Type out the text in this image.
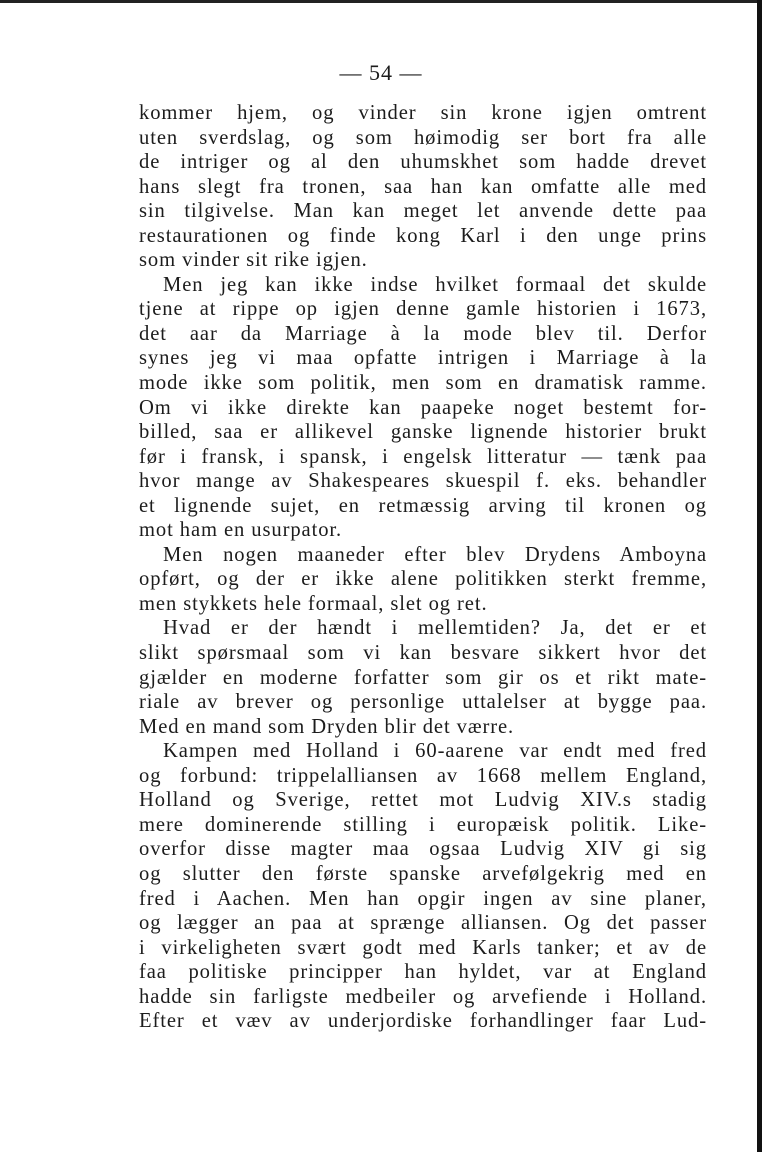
— 54 —
kommer hjem, og vinder sin krone igjen omtrent
uten sverdslag, og som høimodig ser bort fra alle
de intriger og al den uhumskhet som hadde drevet
hans slegt fra tronen, saa han kan omfatte alle med
sin tilgivelse. Man kan meget let anvende dette paa
restaurationen og finde kong Karl i den unge prins
som vinder sit rike igjen.
Men jeg kan ikke indse hvilket formaal det skulde
tjene at rippe op igjen denne gamle historien i 1673,
det aar da Marriage à la mode blev til. Derfor
synes jeg vi maa opfatte intrigen i Marriage à la
mode ikke som politik, men som en dramatisk ramme.
Om vi ikke direkte kan paapeke noget bestemt for-
billed, saa er allikevel ganske lignende historier brukt
før i fransk, i spansk, i engelsk litteratur — tænk paa
hvor mange av Shakespeares skuespil f. eks. behandler
et lignende sujet, en retmæssig arving til kronen og
mot ham en usurpator.
Men nogen maaneder efter blev Drydens Amboyna
opført, og der er ikke alene politikken sterkt fremme,
men stykkets hele formaal, slet og ret.
Hvad er der hændt i mellemtiden? Ja, det er et
slikt spørsmaal som vi kan besvare sikkert hvor det
gjælder en moderne forfatter som gir os et rikt mate-
riale av brever og personlige uttalelser at bygge paa.
Med en mand som Dryden blir det værre.
Kampen med Holland i 60-aarene var endt med fred
og forbund: trippelalliansen av 1668 mellem England,
Holland og Sverige, rettet mot Ludvig XIV.s stadig
mere dominerende stilling i europæisk politik. Like-
overfor disse magter maa ogsaa Ludvig XIV gi sig
og slutter den første spanske arvefølgekrig med en
fred i Aachen. Men han opgir ingen av sine planer,
og lægger an paa at sprænge alliansen. Og det passer
i virkeligheten svært godt med Karls tanker; et av de
faa politiske principper han hyldet, var at England
hadde sin farligste medbeiler og arvefiende i Holland.
Efter et væv av underjordiske forhandlinger faar Lud-
